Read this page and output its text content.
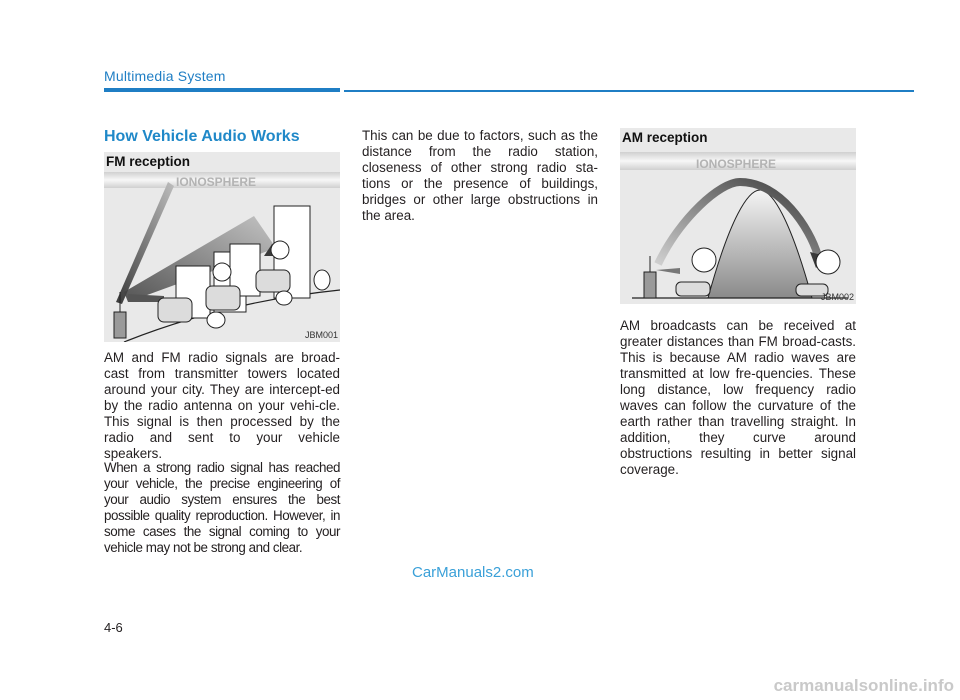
Multimedia System
How Vehicle Audio Works
FM reception
IONOSPHERE
JBM001

AM and FM radio signals are broad-cast from transmitter towers located around your city. They are intercept-ed by the radio antenna on your vehi-cle. This signal is then processed by the radio and sent to your vehicle speakers.

When a strong radio signal has reached your vehicle, the precise engineering of your audio system ensures the best possible quality reproduction. However, in some cases the signal coming to your vehicle may not be strong and clear.

This can be due to factors, such as the distance from the radio station, closeness of other strong radio sta-tions or the presence of buildings, bridges or other large obstructions in the area.

AM reception
IONOSPHERE
JBM002

AM broadcasts can be received at greater distances than FM broad-casts. This is because AM radio waves are transmitted at low fre-quencies. These long distance, low frequency radio waves can follow the curvature of the earth rather than travelling straight. In addition, they curve around obstructions resulting in better signal coverage.

CarManuals2.com
4-6
carmanualsonline.info
